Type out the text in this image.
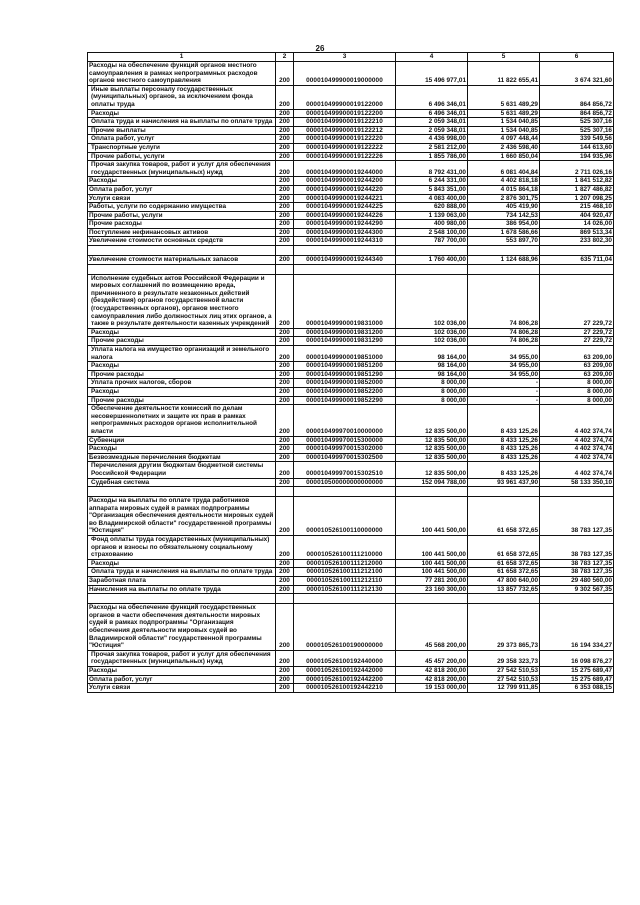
26
1	2	3	4	5	6
Расходы на обеспечение функций органов местного самоуправления в рамках непрограммных расходов органов местного самоуправления	200	000010499900019000000	15 496 977,01	11 822 655,41	3 674 321,60

Иные выплаты персоналу государственных (муниципальных) органов, за исключением фонда оплаты труда	200	000010499900019122000	6 496 346,01	5 631 489,29	864 856,72

Расходы	200	000010499900019122200	6 496 346,01	5 631 489,29	864 856,72

Оплата труда и начисления на выплаты по оплате труда	200	000010499900019122210	2 059 348,01	1 534 040,85	525 307,16

Прочие выплаты	200	000010499900019122212	2 059 348,01	1 534 040,85	525 307,16

Оплата работ, услуг	200	000010499900019122220	4 436 998,00	4 097 448,44	339 549,56

Транспортные услуги	200	000010499900019122222	2 581 212,00	2 436 598,40	144 613,60

Прочие работы, услуги	200	000010499900019122226	1 855 786,00	1 660 850,04	194 935,96

Прочая закупка товаров, работ и услуг для обеспечения государственных (муниципальных) нужд	200	000010499900019244000	8 792 431,00	6 081 404,84	2 711 026,16
Расходы	200	000010499900019244200	6 244 331,00	4 402 818,18	1 841 512,82
Оплата работ, услуг	200	000010499900019244220	5 843 351,00	4 015 864,18	1 827 486,82
Услуги связи	200	000010499900019244221	4 083 400,00	2 876 301,75	1 207 098,25
Работы, услуги по содержанию имущества	200	000010499900019244225	620 888,00	405 419,90	215 468,10
Прочие работы, услуги	200	000010499900019244226	1 139 063,00	734 142,53	404 920,47
Прочие расходы	200	000010499900019244290	400 980,00	386 954,00	14 026,00
Поступление нефинансовых активов	200	000010499900019244300	2 548 100,00	1 678 586,66	869 513,34
Увеличение стоимости основных средств	200	000010499900019244310	787 700,00	553 897,70	233 802,30

Увеличение стоимости материальных запасов	200	000010499900019244340	1 760 400,00	1 124 688,96	635 711,04

Исполнение судебных актов Российской Федерации и мировых соглашений по возмещению вреда, причиненного в результате незаконных действий (бездействия) органов государственной власти (государственных органов), органов местного самоуправления либо должностных лиц этих органов, а также в результате деятельности казенных учреждений	200	000010499900019831000	102 036,00	74 806,28	27 229,72

Расходы	200	000010499900019831200	102 036,00	74 806,28	27 229,72

Прочие расходы	200	000010499900019831290	102 036,00	74 806,28	27 229,72

Уплата налога на имущество организаций и земельного налога	200	000010499900019851000	98 164,00	34 955,00	63 209,00

Расходы	200	000010499900019851200	98 164,00	34 955,00	63 209,00

Прочие расходы	200	000010499900019851290	98 164,00	34 955,00	63 209,00

Уплата прочих налогов, сборов	200	000010499900019852000	8 000,00	-	8 000,00

Расходы	200	000010499900019852200	8 000,00	-	8 000,00

Прочие расходы	200	000010499900019852290	8 000,00	-	8 000,00

Обеспечение деятельности комиссий по делам несовершеннолетних и защите их прав в рамках непрограммных расходов органов исполнительной власти	200	000010499970010000000	12 835 500,00	8 433 125,26	4 402 374,74
Субвенции	200	000010499970015300000	12 835 500,00	8 433 125,26	4 402 374,74
Расходы	200	000010499970015302000	12 835 500,00	8 433 125,26	4 402 374,74
Безвозмездные перечисления бюджетам	200	000010499970015302500	12 835 500,00	8 433 125,26	4 402 374,74

Перечисления другим бюджетам бюджетной системы Российской Федерации	200	000010499970015302510	12 835 500,00	8 433 125,26	4 402 374,74

Судебная система	200	000010500000000000000	152 094 788,00	93 961 437,90	58 133 350,10

Расходы на выплаты по оплате труда работников аппарата мировых судей в рамках подпрограммы "Организация обеспечения деятельности мировых судей во Владимирской области" государственной программы "Юстиция"	200	000010526100110000000	100 441 500,00	61 658 372,65	38 783 127,35

Фонд оплаты труда государственных (муниципальных) органов и взносы по обязательному социальному страхованию	200	000010526100111210000	100 441 500,00	61 658 372,65	38 783 127,35

Расходы	200	000010526100111212000	100 441 500,00	61 658 372,65	38 783 127,35

Оплата труда и начисления на выплаты по оплате труда	200	000010526100111212100	100 441 500,00	61 658 372,65	38 783 127,35
Заработная плата	200	000010526100111212110	77 281 200,00	47 800 640,00	29 480 560,00
Начисления на выплаты по оплате труда	200	000010526100111212130	23 160 300,00	13 857 732,65	9 302 567,35

Расходы на обеспечение функций государственных органов в части обеспечения деятельности мировых судей в рамках подпрограммы "Организация обеспечения деятельности мировых судей во Владимирской области" государственной программы "Юстиция"	200	000010526100190000000	45 568 200,00	29 373 865,73	16 194 334,27

Прочая закупка товаров, работ и услуг для обеспечения государственных (муниципальных) нужд	200	000010526100192440000	45 457 200,00	29 358 323,73	16 098 876,27
Расходы	200	000010526100192442000	42 818 200,00	27 542 510,53	15 275 689,47
Оплата работ, услуг	200	000010526100192442200	42 818 200,00	27 542 510,53	15 275 689,47
Услуги связи	200	000010526100192442210	19 153 000,00	12 799 911,85	6 353 088,15
